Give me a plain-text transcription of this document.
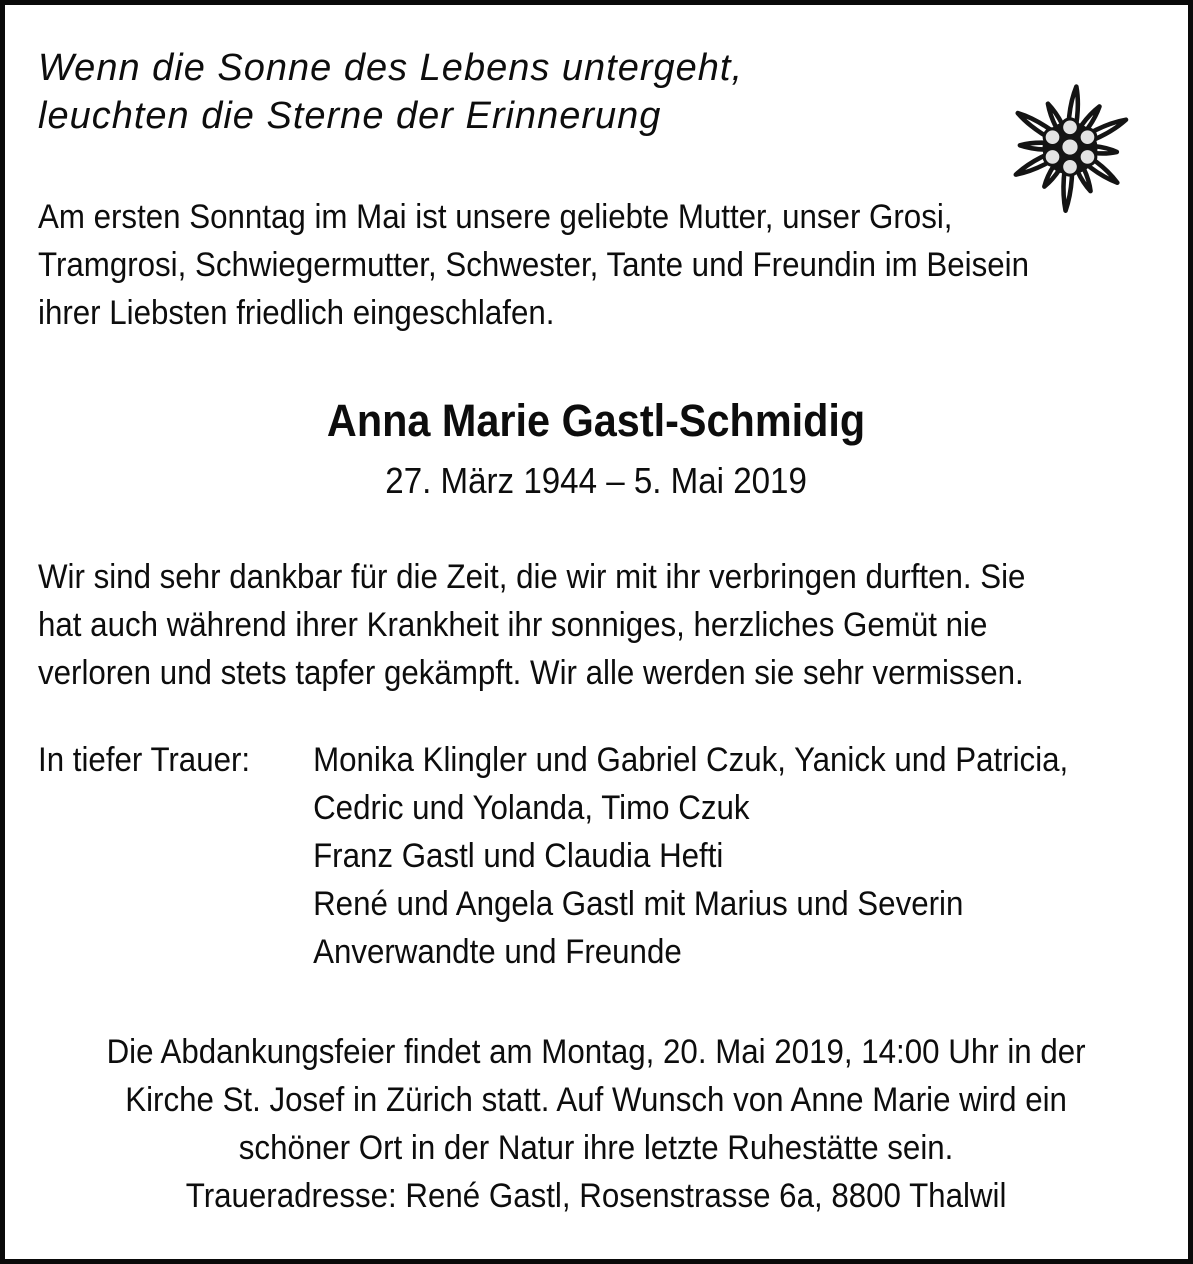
Wenn die Sonne des Lebens untergeht,
leuchten die Sterne der Erinnerung
Am ersten Sonntag im Mai ist unsere geliebte Mutter, unser Grosi,
Tramgrosi, Schwiegermutter, Schwester, Tante und Freundin im Beisein
ihrer Liebsten friedlich eingeschlafen.
Anna Marie Gastl-Schmidig
27. März 1944 – 5. Mai 2019
Wir sind sehr dankbar für die Zeit, die wir mit ihr verbringen durften. Sie
hat auch während ihrer Krankheit ihr sonniges, herzliches Gemüt nie
verloren und stets tapfer gekämpft. Wir alle werden sie sehr vermissen.
In tiefer Trauer:	Monika Klingler und Gabriel Czuk, Yanick und Patricia,
Cedric und Yolanda, Timo Czuk
Franz Gastl und Claudia Hefti
René und Angela Gastl mit Marius und Severin
Anverwandte und Freunde
Die Abdankungsfeier findet am Montag, 20. Mai 2019, 14:00 Uhr in der
Kirche St. Josef in Zürich statt. Auf Wunsch von Anne Marie wird ein
schöner Ort in der Natur ihre letzte Ruhestätte sein.
Traueradresse: René Gastl, Rosenstrasse 6a, 8800 Thalwil
